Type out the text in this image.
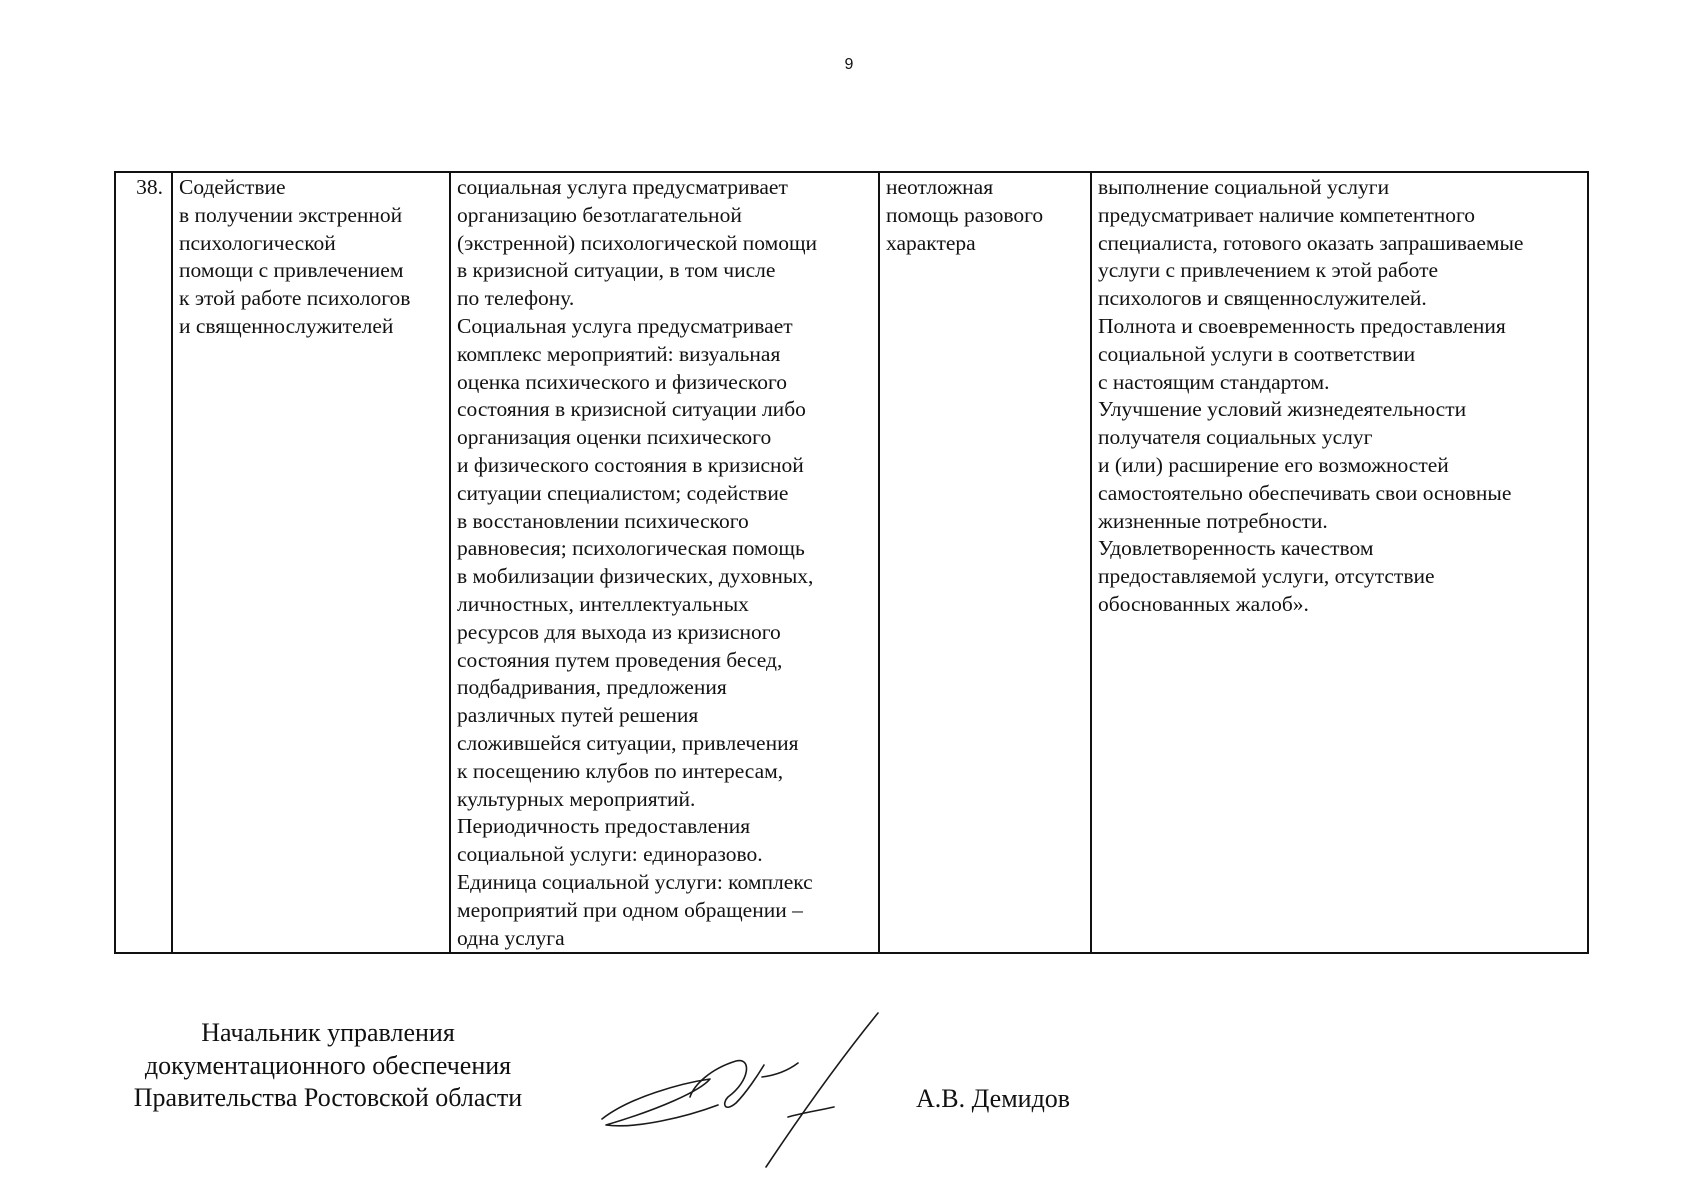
9
38.	Содействие
в получении экстренной
психологической
помощи с привлечением
к этой работе психологов
и священнослужителей	социальная услуга предусматривает
организацию безотлагательной
(экстренной) психологической помощи
в кризисной ситуации, в том числе
по телефону.
Социальная услуга предусматривает
комплекс мероприятий: визуальная
оценка психического и физического
состояния в кризисной ситуации либо
организация оценки психического
и физического состояния в кризисной
ситуации специалистом; содействие
в восстановлении психического
равновесия; психологическая помощь
в мобилизации физических, духовных,
личностных, интеллектуальных
ресурсов для выхода из кризисного
состояния путем проведения бесед,
подбадривания, предложения
различных путей решения
сложившейся ситуации, привлечения
к посещению клубов по интересам,
культурных мероприятий.
Периодичность предоставления
социальной услуги: единоразово.
Единица социальной услуги: комплекс
мероприятий при одном обращении –
одна услуга	неотложная
помощь разового
характера	выполнение социальной услуги
предусматривает наличие компетентного
специалиста, готового оказать запрашиваемые
услуги с привлечением к этой работе
психологов и священнослужителей.
Полнота и своевременность предоставления
социальной услуги в соответствии
с настоящим стандартом.
Улучшение условий жизнедеятельности
получателя социальных услуг
и (или) расширение его возможностей
самостоятельно обеспечивать свои основные
жизненные потребности.
Удовлетворенность качеством
предоставляемой услуги, отсутствие
обоснованных жалоб».
Начальник управления
документационного обеспечения
Правительства Ростовской области	А.В. Демидов
